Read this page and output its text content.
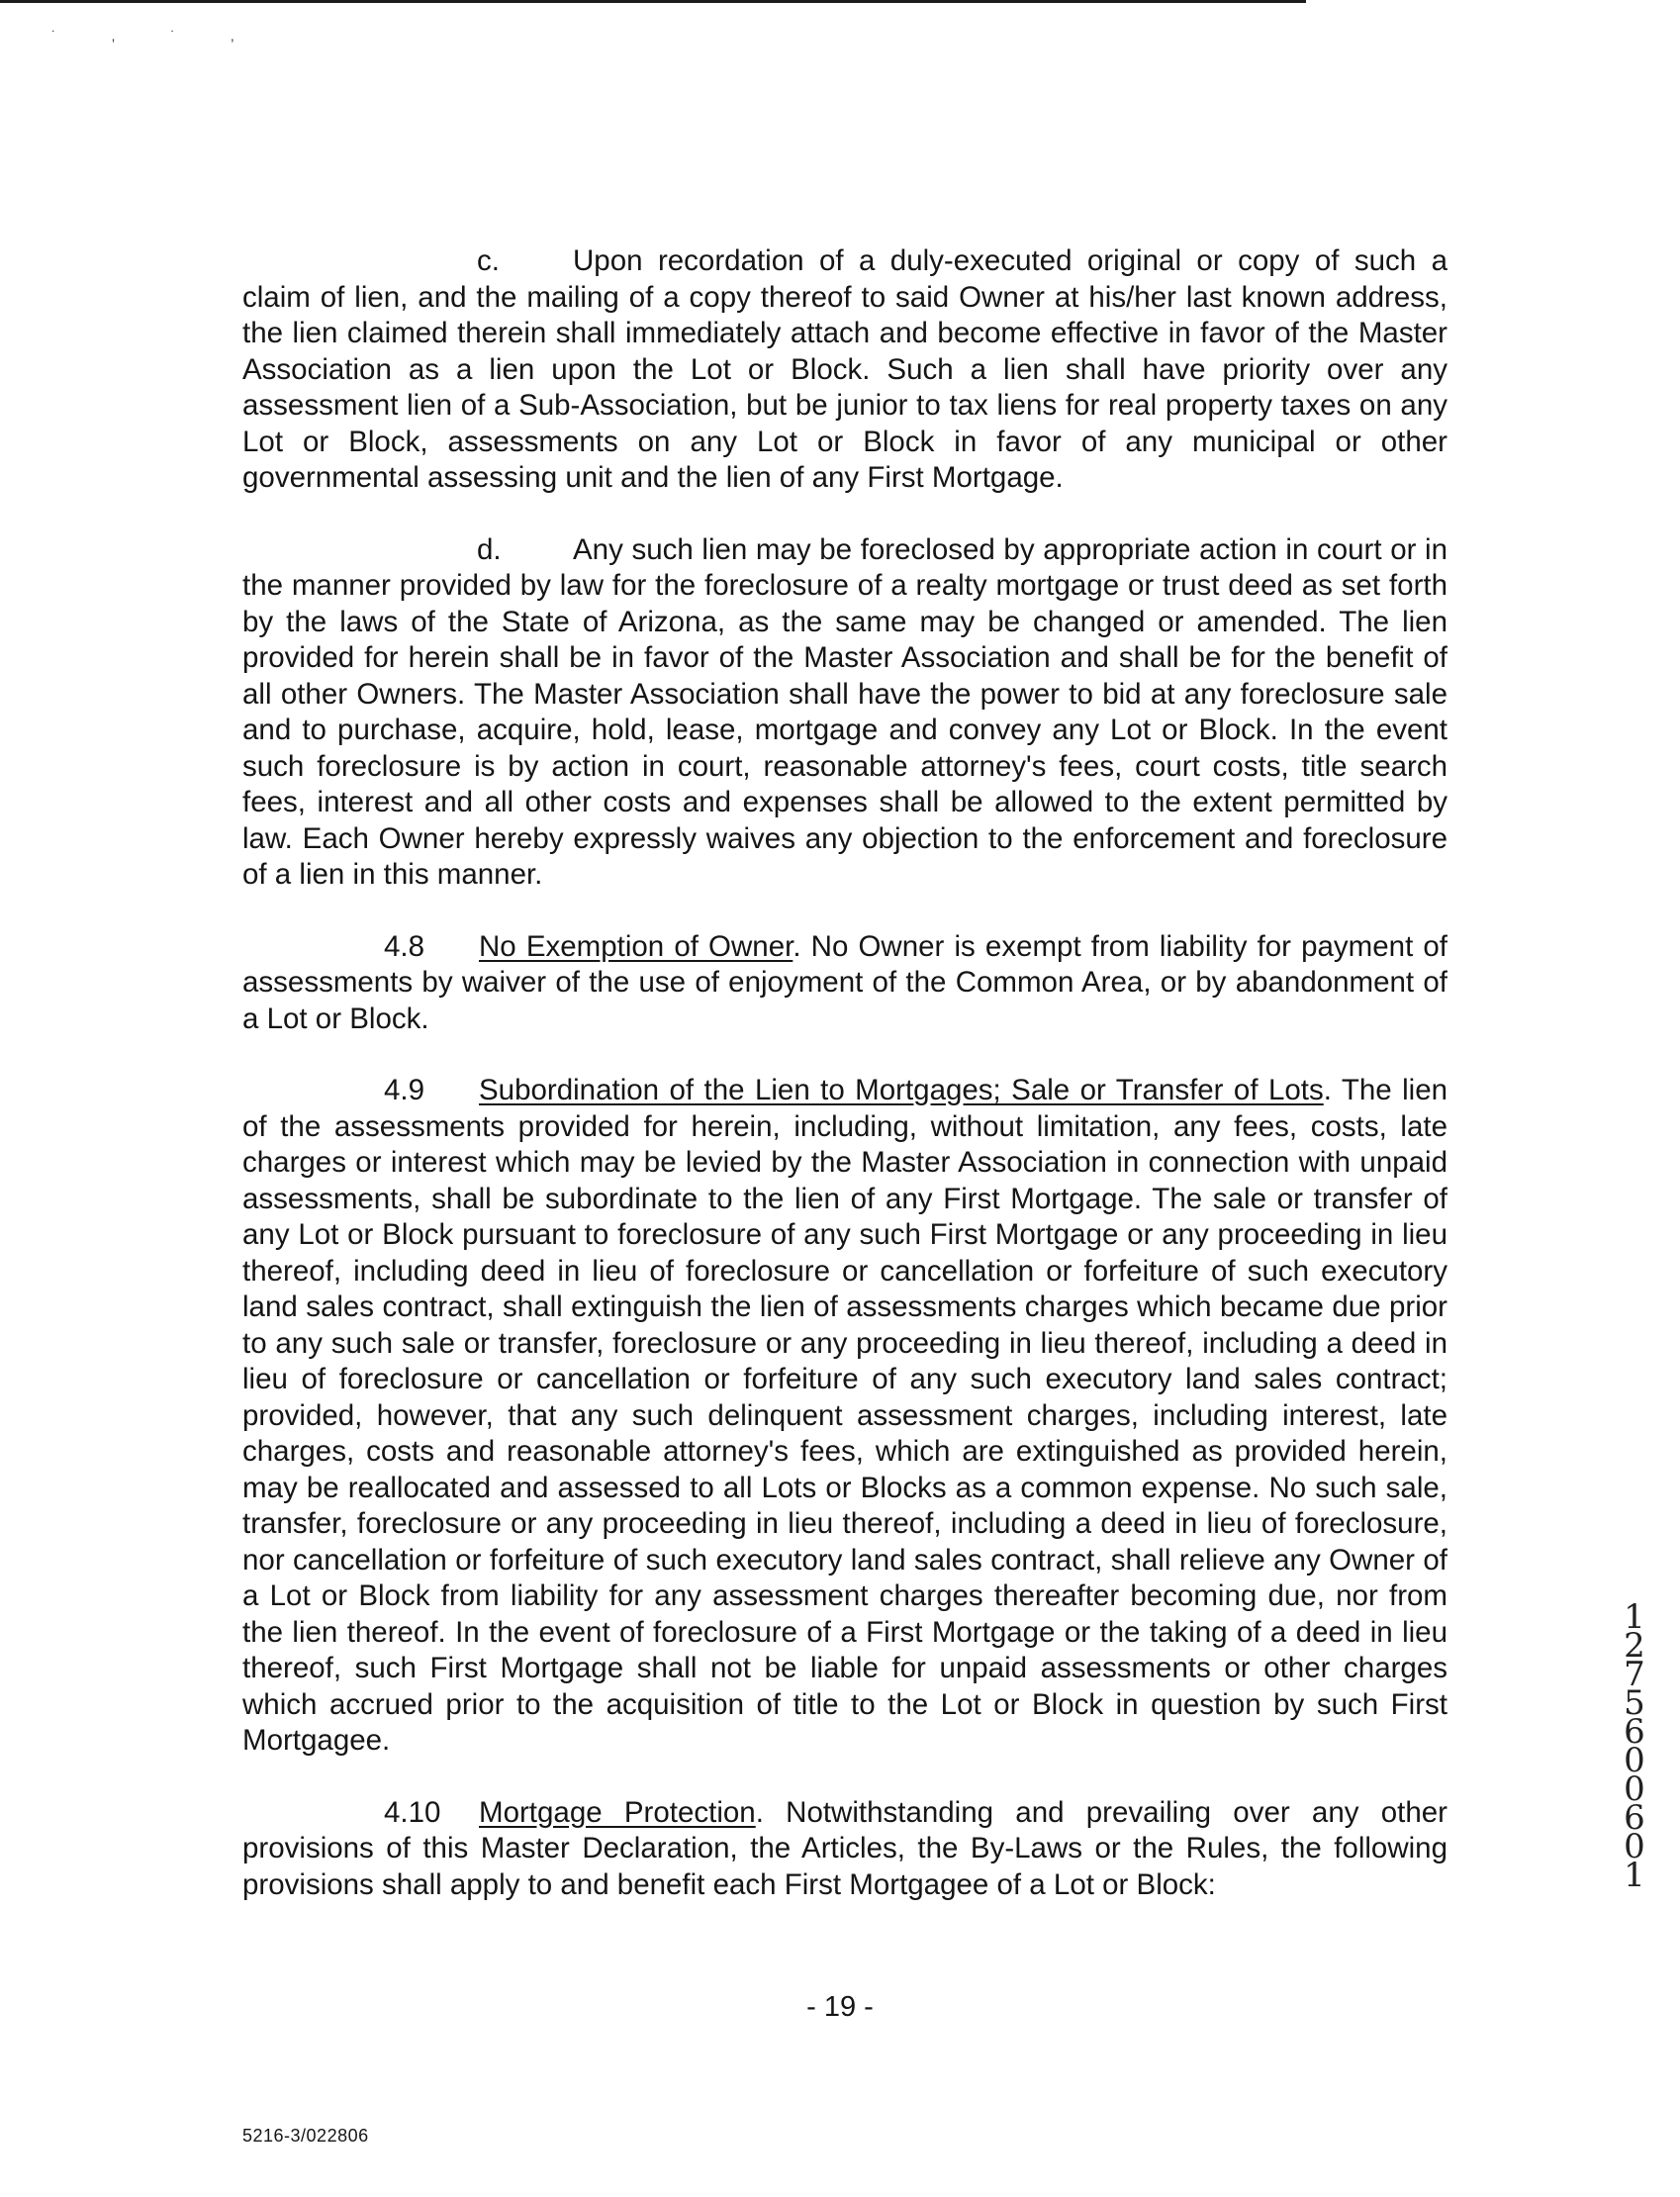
˙ , ˙ ,

c.	Upon recordation of a duly-executed original or copy of such a claim of lien, and the mailing of a copy thereof to said Owner at his/her last known address, the lien claimed therein shall immediately attach and become effective in favor of the Master Association as a lien upon the Lot or Block. Such a lien shall have priority over any assessment lien of a Sub-Association, but be junior to tax liens for real property taxes on any Lot or Block, assessments on any Lot or Block in favor of any municipal or other governmental assessing unit and the lien of any First Mortgage.

d. Any such lien may be foreclosed by appropriate action in court or in the manner provided by law for the foreclosure of a realty mortgage or trust deed as set forth by the laws of the State of Arizona, as the same may be changed or amended. The lien provided for herein shall be in favor of the Master Association and shall be for the benefit of all other Owners. The Master Association shall have the power to bid at any foreclosure sale and to purchase, acquire, hold, lease, mortgage and convey any Lot or Block. In the event such foreclosure is by action in court, reasonable attorney's fees, court costs, title search fees, interest and all other costs and expenses shall be allowed to the extent permitted by law. Each Owner hereby expressly waives any objection to the enforcement and foreclosure of a lien in this manner.

4.8 No Exemption of Owner. No Owner is exempt from liability for payment of assessments by waiver of the use of enjoyment of the Common Area, or by abandonment of a Lot or Block.

4.9 Subordination of the Lien to Mortgages; Sale or Transfer of Lots. The lien of the assessments provided for herein, including, without limitation, any fees, costs, late charges or interest which may be levied by the Master Association in connection with unpaid assessments, shall be subordinate to the lien of any First Mortgage. The sale or transfer of any Lot or Block pursuant to foreclosure of any such First Mortgage or any proceeding in lieu thereof, including deed in lieu of foreclosure or cancellation or forfeiture of such executory land sales contract, shall extinguish the lien of assessments charges which became due prior to any such sale or transfer, foreclosure or any proceeding in lieu thereof, including a deed in lieu of foreclosure or cancellation or forfeiture of any such executory land sales contract; provided, however, that any such delinquent assessment charges, including interest, late charges, costs and reasonable attorney's fees, which are extinguished as provided herein, may be reallocated and assessed to all Lots or Blocks as a common expense. No such sale, transfer, foreclosure or any proceeding in lieu thereof, including a deed in lieu of foreclosure, nor cancellation or forfeiture of such executory land sales contract, shall relieve any Owner of a Lot or Block from liability for any assessment charges thereafter becoming due, nor from the lien thereof. In the event of foreclosure of a First Mortgage or the taking of a deed in lieu thereof, such First Mortgage shall not be liable for unpaid assessments or other charges which accrued prior to the acquisition of title to the Lot or Block in question by such First Mortgagee.

4.10 Mortgage Protection. Notwithstanding and prevailing over any other provisions of this Master Declaration, the Articles, the By-Laws or the Rules, the following provisions shall apply to and benefit each First Mortgagee of a Lot or Block:

12756 00601
- 19 -
5216-3/022806
